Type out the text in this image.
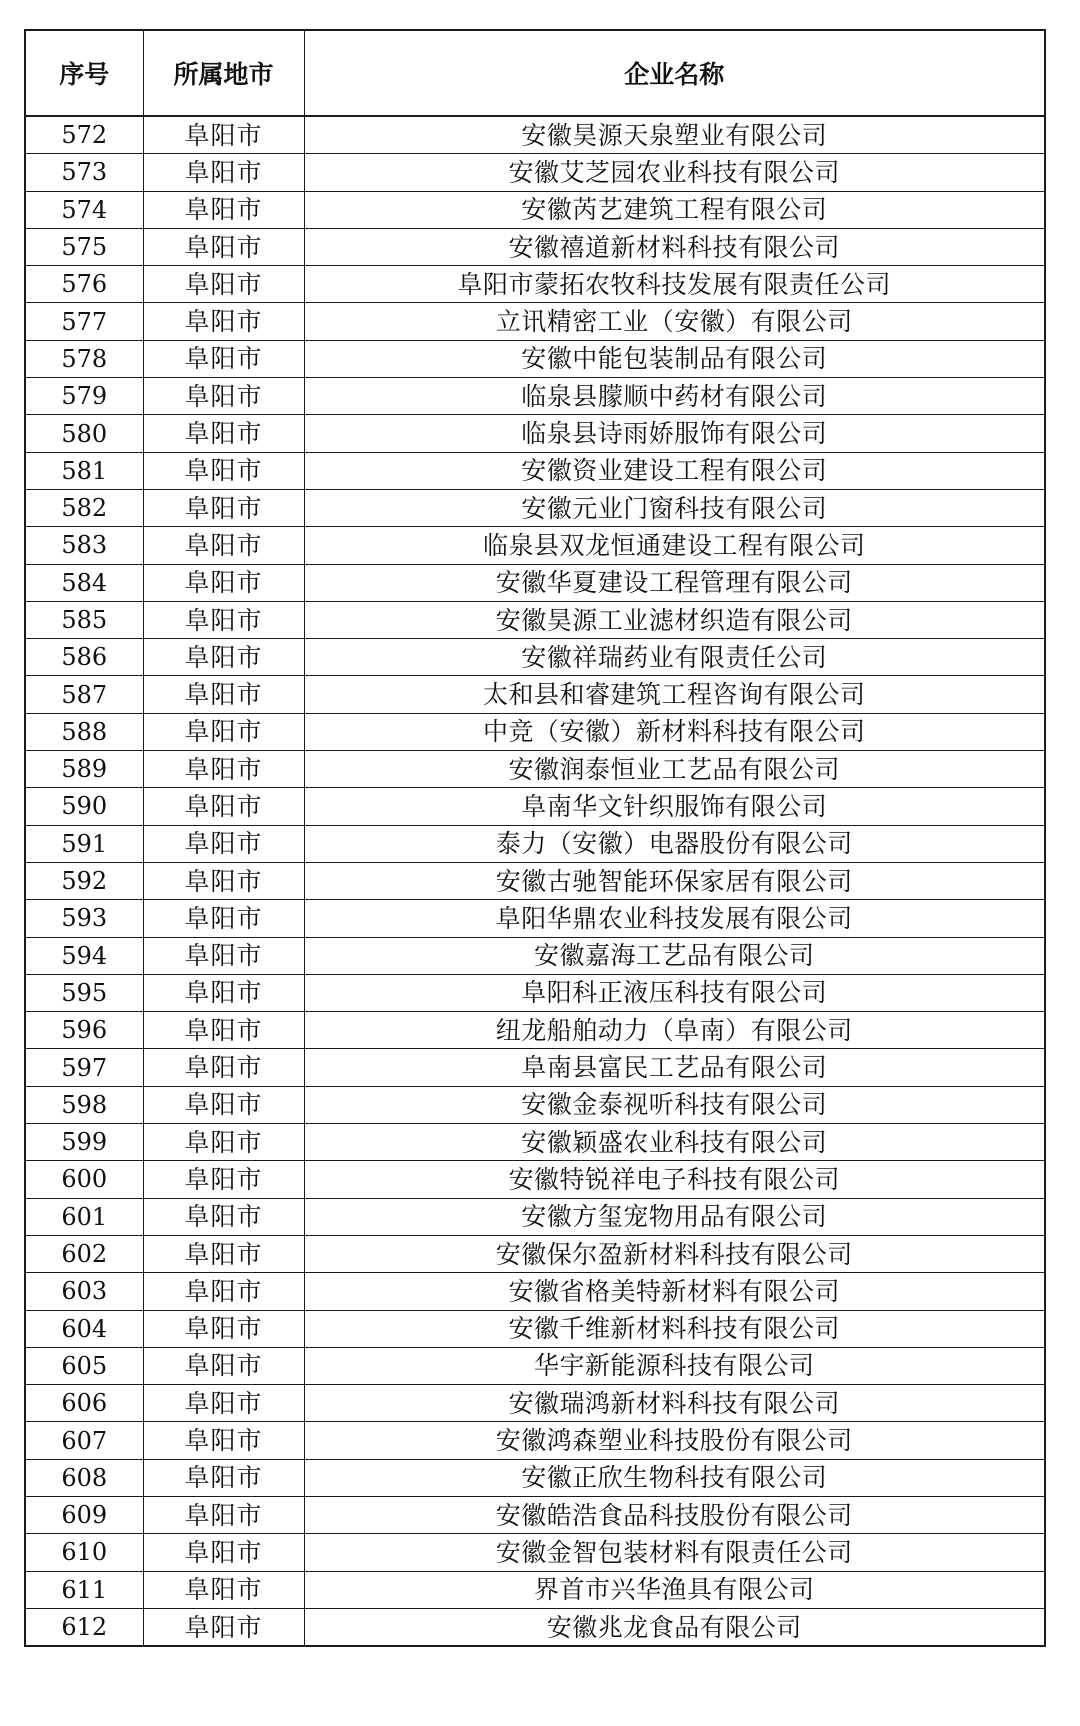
序号	所属地市	企业名称
572	阜阳市	安徽昊源天泉塑业有限公司
573	阜阳市	安徽艾芝园农业科技有限公司
574	阜阳市	安徽芮艺建筑工程有限公司
575	阜阳市	安徽禧道新材料科技有限公司
576	阜阳市	阜阳市蒙拓农牧科技发展有限责任公司
577	阜阳市	立讯精密工业（安徽）有限公司
578	阜阳市	安徽中能包装制品有限公司
579	阜阳市	临泉县朦顺中药材有限公司
580	阜阳市	临泉县诗雨娇服饰有限公司
581	阜阳市	安徽资业建设工程有限公司
582	阜阳市	安徽元业门窗科技有限公司
583	阜阳市	临泉县双龙恒通建设工程有限公司
584	阜阳市	安徽华夏建设工程管理有限公司
585	阜阳市	安徽昊源工业滤材织造有限公司
586	阜阳市	安徽祥瑞药业有限责任公司
587	阜阳市	太和县和睿建筑工程咨询有限公司
588	阜阳市	中竞（安徽）新材料科技有限公司
589	阜阳市	安徽润泰恒业工艺品有限公司
590	阜阳市	阜南华文针织服饰有限公司
591	阜阳市	泰力（安徽）电器股份有限公司
592	阜阳市	安徽古驰智能环保家居有限公司
593	阜阳市	阜阳华鼎农业科技发展有限公司
594	阜阳市	安徽嘉海工艺品有限公司
595	阜阳市	阜阳科正液压科技有限公司
596	阜阳市	纽龙船舶动力（阜南）有限公司
597	阜阳市	阜南县富民工艺品有限公司
598	阜阳市	安徽金泰视听科技有限公司
599	阜阳市	安徽颖盛农业科技有限公司
600	阜阳市	安徽特锐祥电子科技有限公司
601	阜阳市	安徽方玺宠物用品有限公司
602	阜阳市	安徽保尔盈新材料科技有限公司
603	阜阳市	安徽省格美特新材料有限公司
604	阜阳市	安徽千维新材料科技有限公司
605	阜阳市	华宇新能源科技有限公司
606	阜阳市	安徽瑞鸿新材料科技有限公司
607	阜阳市	安徽鸿森塑业科技股份有限公司
608	阜阳市	安徽正欣生物科技有限公司
609	阜阳市	安徽皓浩食品科技股份有限公司
610	阜阳市	安徽金智包装材料有限责任公司
611	阜阳市	界首市兴华渔具有限公司
612	阜阳市	安徽兆龙食品有限公司
